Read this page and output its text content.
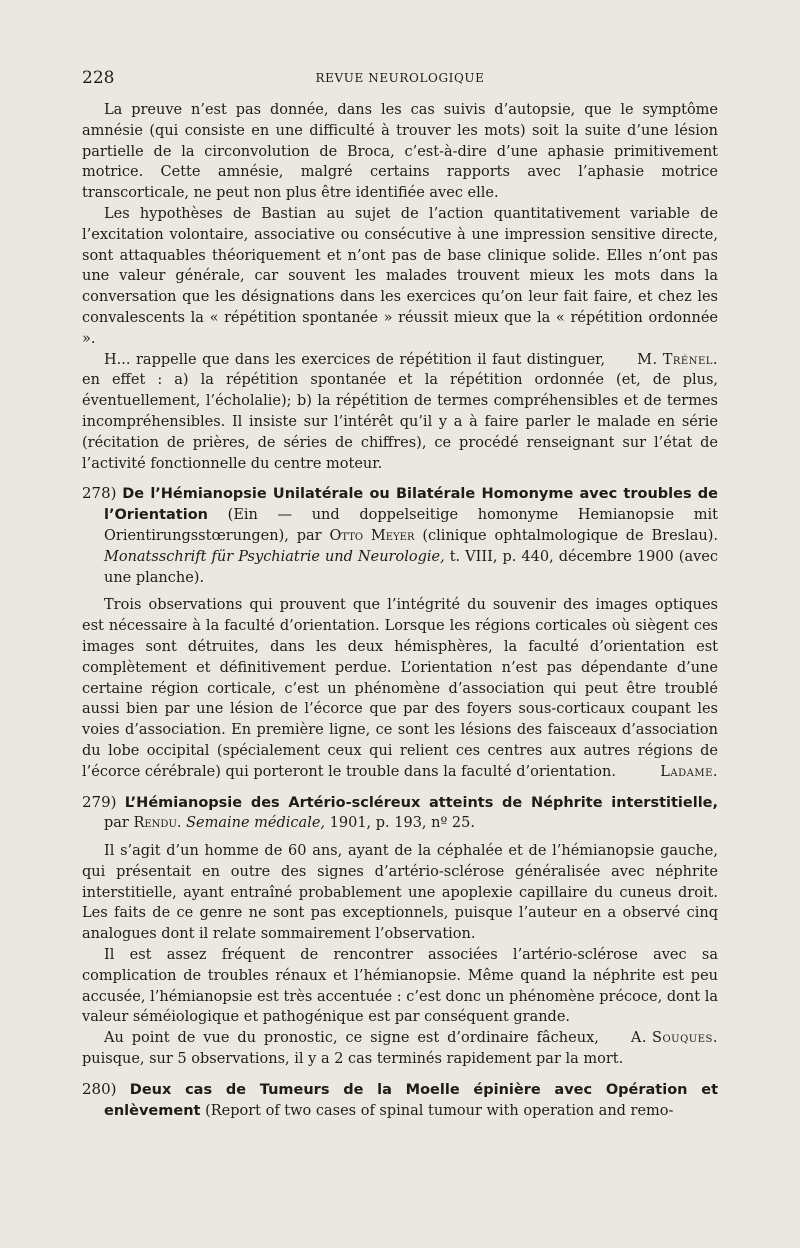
228	REVUE NEUROLOGIQUE

La preuve n’est pas donnée, dans les cas suivis d’autopsie, que le symptôme amnésie (qui consiste en une difficulté à trouver les mots) soit la suite d’une lésion partielle de la circonvolution de Broca, c’est-à-dire d’une aphasie primitivement motrice. Cette amnésie, malgré certains rapports avec l’aphasie motrice transcorticale, ne peut non plus être identifiée avec elle.

Les hypothèses de Bastian au sujet de l’action quantitativement variable de l’excitation volontaire, associative ou consécutive à une impression sensitive directe, sont attaquables théoriquement et n’ont pas de base clinique solide. Elles n’ont pas une valeur générale, car souvent les malades trouvent mieux les mots dans la conversation que les désignations dans les exercices qu’on leur fait faire, et chez les convalescents la « répétition spontanée » réussit mieux que la « répétition ordonnée ».

M. Trénel.
H... rappelle que dans les exercices de répétition il faut distinguer, en effet : a) la répétition spontanée et la répétition ordonnée (et, de plus, éventuellement, l’écholalie); b) la répétition de termes compréhensibles et de termes incompréhensibles. Il insiste sur l’intérêt qu’il y a à faire parler le malade en série (récitation de prières, de séries de chiffres), ce procédé renseignant sur l’état de l’activité fonctionnelle du centre moteur.

278) De l’Hémianopsie Unilatérale ou Bilatérale Homonyme avec troubles de l’Orientation (Ein — und doppelseitige homonyme Hemianopsie mit Orientirungsstœrungen), par Otto Meyer (clinique ophtalmologique de Breslau). Monatsschrift für Psychiatrie und Neurologie, t. VIII, p. 440, décembre 1900 (avec une planche).

Trois observations qui prouvent que l’intégrité du souvenir des images optiques est nécessaire à la faculté d’orientation. Lorsque les régions corticales où siègent ces images sont détruites, dans les deux hémisphères, la faculté d’orientation est complètement et définitivement perdue. L’orientation n’est pas dépendante d’une certaine région corticale, c’est un phénomène d’association qui peut être troublé aussi bien par une lésion de l’écorce que par des foyers sous-corticaux coupant les voies d’association. En première ligne, ce sont les lésions des faisceaux d’association du lobe occipital (spécialement ceux qui relient ces centres aux autres régions de l’écorce cérébrale) qui porteront le trouble dans la faculté d’orientation.	Ladame.

279) L’Hémianopsie des Artério-scléreux atteints de Néphrite interstitielle, par Rendu. Semaine médicale, 1901, p. 193, nº 25.

Il s’agit d’un homme de 60 ans, ayant de la céphalée et de l’hémianopsie gauche, qui présentait en outre des signes d’artério-sclérose généralisée avec néphrite interstitielle, ayant entraîné probablement une apoplexie capillaire du cuneus droit. Les faits de ce genre ne sont pas exceptionnels, puisque l’auteur en a observé cinq analogues dont il relate sommairement l’observation.

Il est assez fréquent de rencontrer associées l’artério-sclérose avec sa complication de troubles rénaux et l’hémianopsie. Même quand la néphrite est peu accusée, l’hémianopsie est très accentuée : c’est donc un phénomène précoce, dont la valeur séméiologique et pathogénique est par conséquent grande.

A. Souques.
Au point de vue du pronostic, ce signe est d’ordinaire fâcheux, puisque, sur 5 observations, il y a 2 cas terminés rapidement par la mort.

280) Deux cas de Tumeurs de la Moelle épinière avec Opération et enlèvement (Report of two cases of spinal tumour with operation and remo-
